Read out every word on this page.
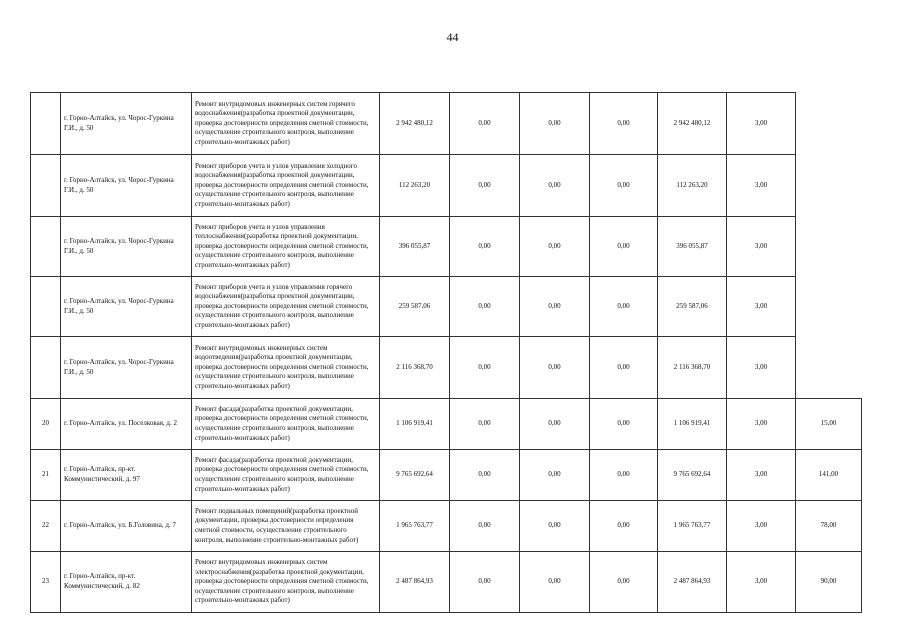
44
	г. Горно-Алтайск, ул. Чорос-Гуркина Г.И., д. 50	Ремонт внутридомовых инженерных систем горячего водоснабжения(разработка проектной документации, проверка достоверности определения сметной стоимости, осуществление строительного контроля, выполнение строительно-монтажных работ)	2 942 480,12	0,00	0,00	0,00	2 942 480,12	3,00	
	г. Горно-Алтайск, ул. Чорос-Гуркина Г.И., д. 50	Ремонт приборов учета и узлов управления холодного водоснабжения(разработка проектной документации, проверка достоверности определения сметной стоимости, осуществление строительного контроля, выполнение строительно-монтажных работ)	112 263,20	0,00	0,00	0,00	112 263,20	3,00	
	г. Горно-Алтайск, ул. Чорос-Гуркина Г.И., д. 50	Ремонт приборов учета и узлов управления теплоснабжения(разработка проектной документации, проверка достоверности определения сметной стоимости, осуществление строительного контроля, выполнение строительно-монтажных работ)	396 055,87	0,00	0,00	0,00	396 055,87	3,00	
	г. Горно-Алтайск, ул. Чорос-Гуркина Г.И., д. 50	Ремонт приборов учета и узлов управления горячего водоснабжения(разработка проектной документации, проверка достоверности определения сметной стоимости, осуществление строительного контроля, выполнение строительно-монтажных работ)	259 587,06	0,00	0,00	0,00	259 587,06	3,00	
	г. Горно-Алтайск, ул. Чорос-Гуркина Г.И., д. 50	Ремонт внутридомовых инженерных систем водоотведения(разработка проектной документации, проверка достоверности определения сметной стоимости, осуществление строительного контроля, выполнение строительно-монтажных работ)	2 116 368,70	0,00	0,00	0,00	2 116 368,70	3,00	
20	г. Горно-Алтайск, ул. Поселковая, д. 2	Ремонт фасада(разработка проектной документации, проверка достоверности определения сметной стоимости, осуществление строительного контроля, выполнение строительно-монтажных работ)	1 106 919,41	0,00	0,00	0,00	1 106 919,41	3,00	15,00
21	г. Горно-Алтайск, пр-кт. Коммунистический, д. 97	Ремонт фасада(разработка проектной документации, проверка достоверности определения сметной стоимости, осуществление строительного контроля, выполнение строительно-монтажных работ)	9 765 692,64	0,00	0,00	0,00	9 765 692,64	3,00	141,00
22	г. Горно-Алтайск, ул. Б.Головина, д. 7	Ремонт подвальных помещений(разработка проектной документации, проверка достоверности определения сметной стоимости, осуществление строительного контроля, выполнение строительно-монтажных работ)	1 965 763,77	0,00	0,00	0,00	1 965 763,77	3,00	78,00
23	г. Горно-Алтайск, пр-кт. Коммунистический, д. 82	Ремонт внутридомовых инженерных систем электроснабжения(разработка проектной документации, проверка достоверности определения сметной стоимости, осуществление строительного контроля, выполнение строительно-монтажных работ)	2 487 864,93	0,00	0,00	0,00	2 487 864,93	3,00	90,00
